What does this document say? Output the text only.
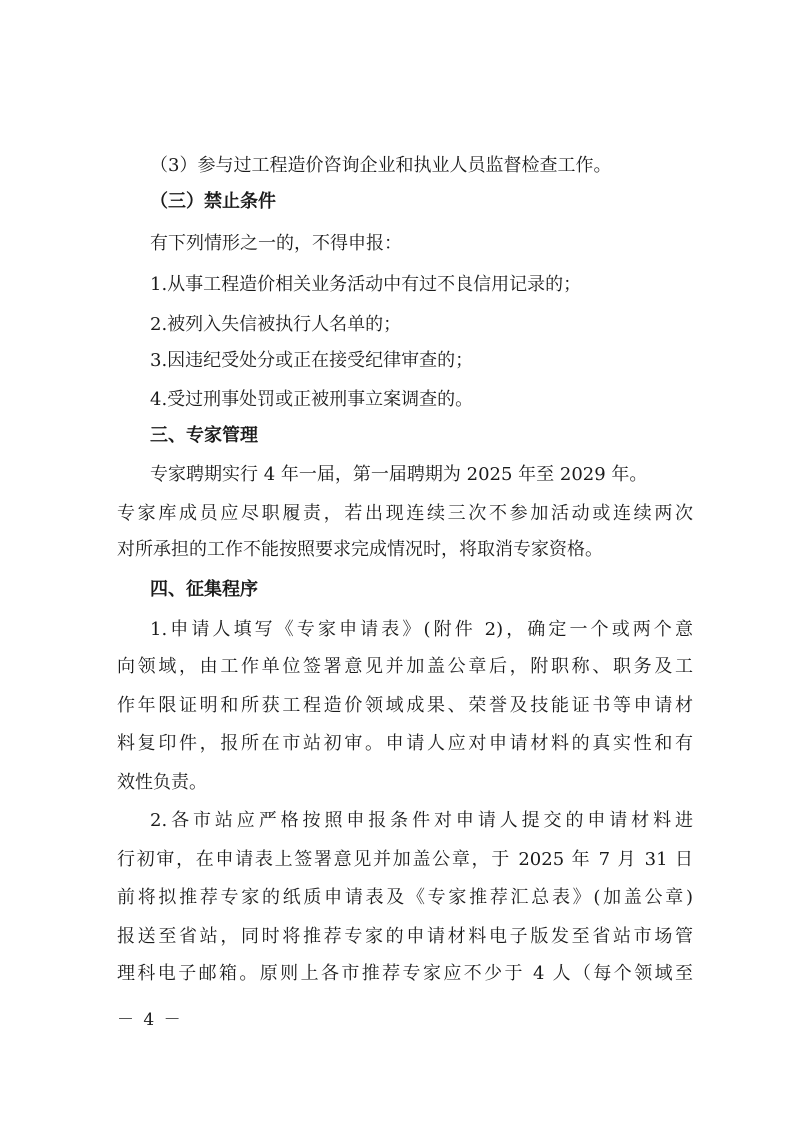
（3）参与过工程造价咨询企业和执业人员监督检查工作。
（三）禁止条件
有下列情形之一的，不得申报：
1.从事工程造价相关业务活动中有过不良信用记录的；
2.被列入失信被执行人名单的；
3.因违纪受处分或正在接受纪律审查的；
4.受过刑事处罚或正被刑事立案调查的。
三、专家管理
专家聘期实行 4 年一届，第一届聘期为 2025 年至 2029 年。
专家库成员应尽职履责，若出现连续三次不参加活动或连续两次
对所承担的工作不能按照要求完成情况时，将取消专家资格。
四、征集程序
1.申请人填写《专家申请表》(附件 2)，确定一个或两个意
向领域，由工作单位签署意见并加盖公章后，附职称、职务及工
作年限证明和所获工程造价领域成果、荣誉及技能证书等申请材
料复印件，报所在市站初审。申请人应对申请材料的真实性和有
效性负责。
2.各市站应严格按照申报条件对申请人提交的申请材料进
行初审，在申请表上签署意见并加盖公章，于 2025 年 7 月 31 日
前将拟推荐专家的纸质申请表及《专家推荐汇总表》(加盖公章)
报送至省站，同时将推荐专家的申请材料电子版发至省站市场管
理科电子邮箱。原则上各市推荐专家应不少于 4 人（每个领域至
－ 4 －
